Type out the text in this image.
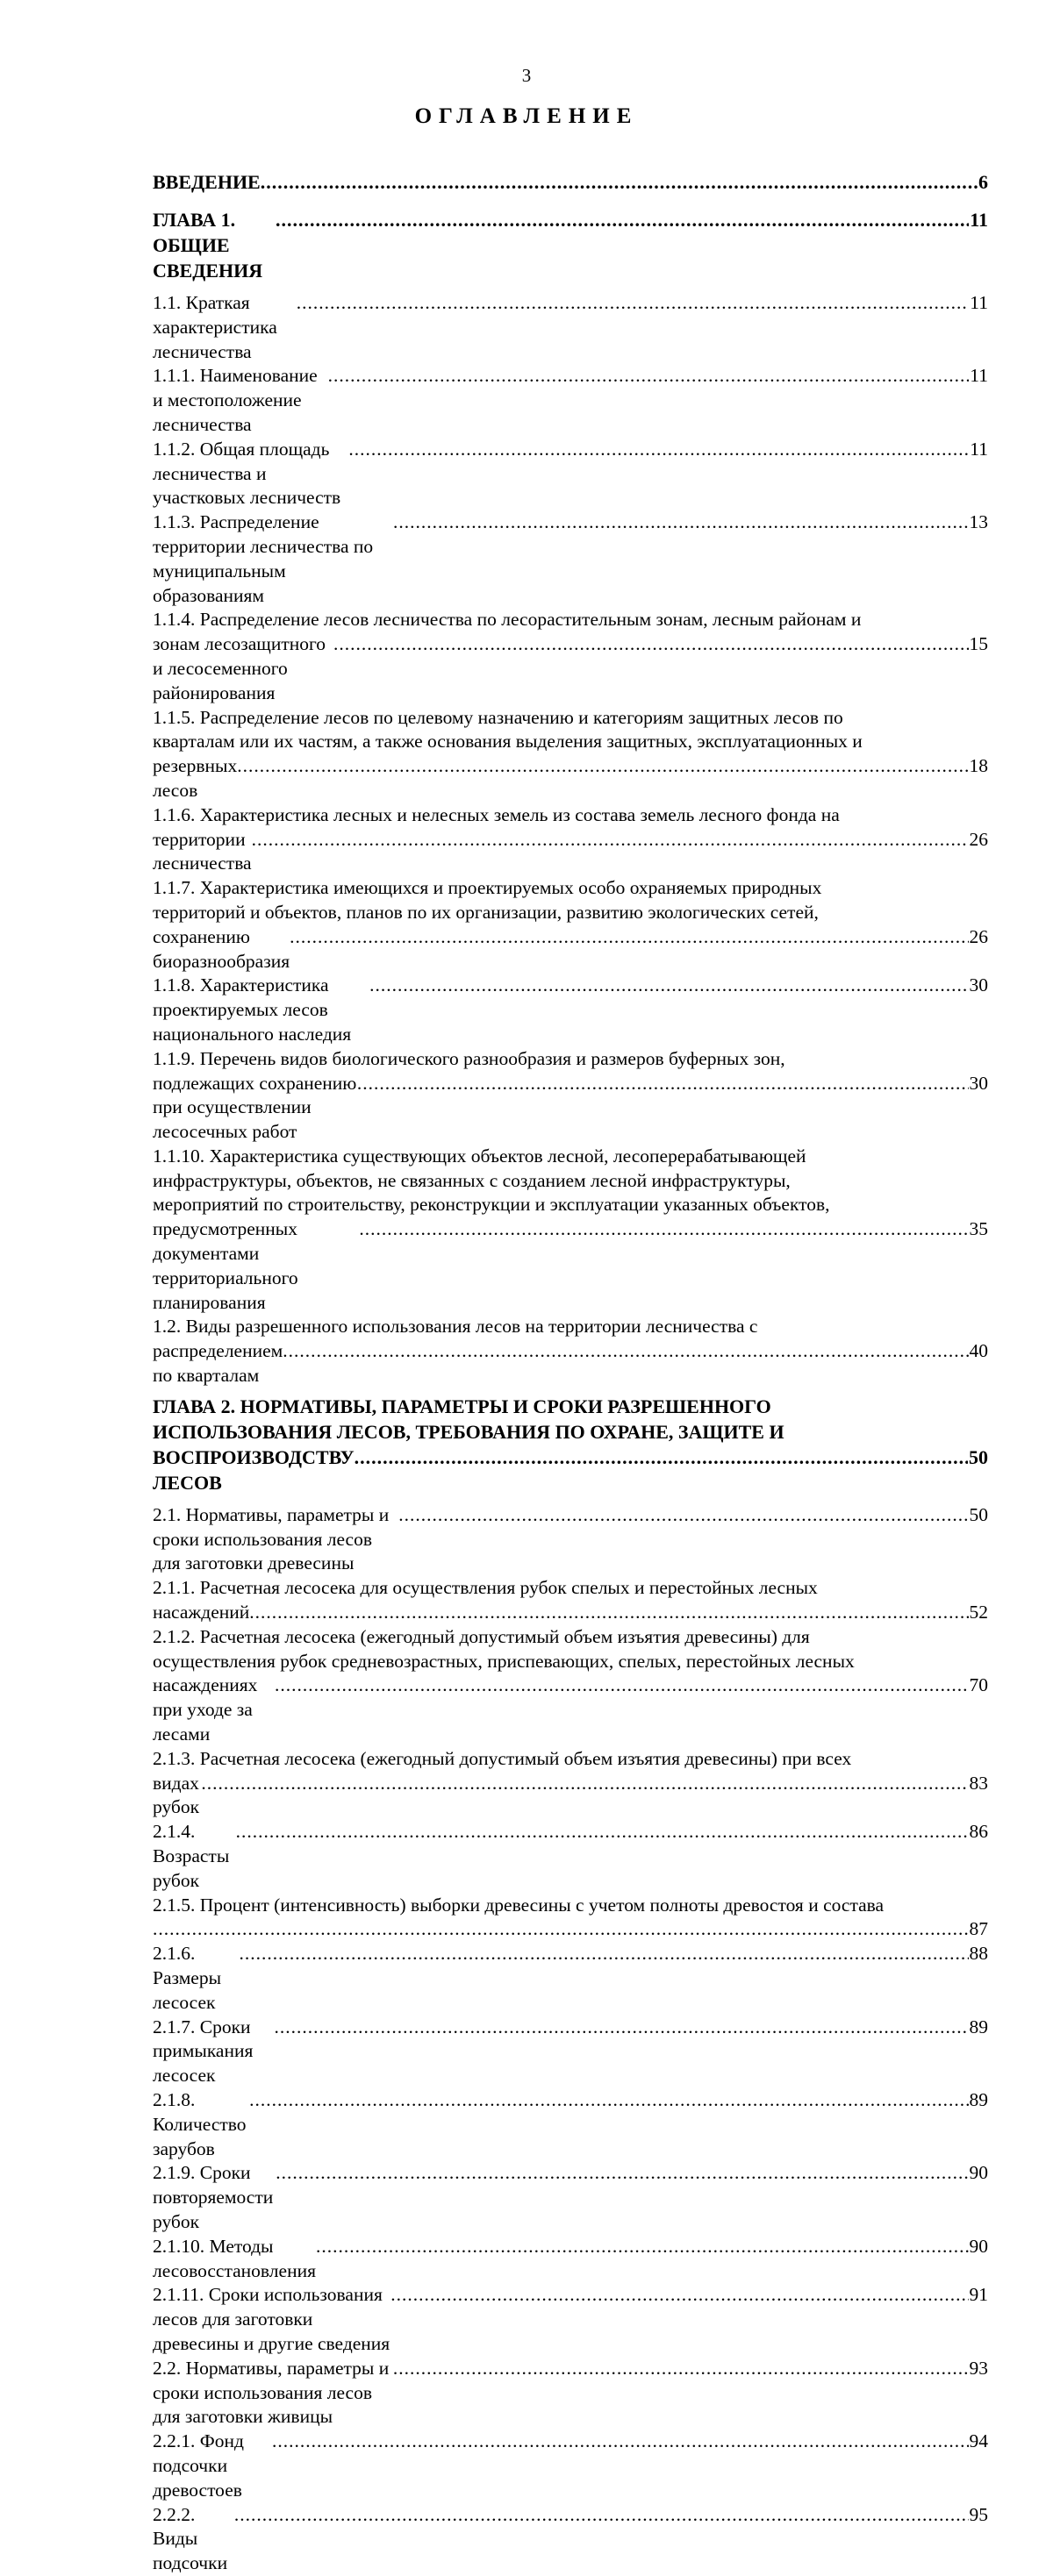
3
ОГЛАВЛЕНИЕ
ВВЕДЕНИЕ .....	6
ГЛАВА 1. ОБЩИЕ СВЕДЕНИЯ
.....
11
1.1. Краткая характеристика лесничества
.....
11
1.1.1. Наименование и местоположение лесничества
.....
11
1.1.2. Общая площадь лесничества и участковых лесничеств
.....
11
1.1.3. Распределение территории лесничества по муниципальным образованиям
.....
13
1.1.4. Распределение лесов лесничества по лесорастительным зонам, лесным районам и
зонам лесозащитного и лесосеменного районирования
.....
15
1.1.5. Распределение лесов по целевому назначению и категориям защитных лесов по
кварталам или их частям, а также основания выделения защитных, эксплуатационных и
резервных лесов
.....
18
1.1.6. Характеристика лесных и нелесных земель из состава земель лесного фонда на
территории лесничества
.....
26
1.1.7. Характеристика имеющихся и проектируемых особо охраняемых природных
территорий и объектов, планов по их организации, развитию экологических сетей,
сохранению биоразнообразия
.....
26
1.1.8. Характеристика проектируемых лесов национального наследия
.....
30
1.1.9. Перечень видов биологического разнообразия и размеров буферных зон,
подлежащих сохранению при осуществлении лесосечных работ
.....
30
1.1.10. Характеристика существующих объектов лесной, лесоперерабатывающей
инфраструктуры, объектов, не связанных с созданием лесной инфраструктуры,
мероприятий по строительству, реконструкции и эксплуатации указанных объектов,
предусмотренных документами территориального планирования
.....
35
1.2. Виды разрешенного использования лесов на территории лесничества с
распределением по кварталам
.....
40
ГЛАВА 2. НОРМАТИВЫ, ПАРАМЕТРЫ И СРОКИ РАЗРЕШЕННОГО
ИСПОЛЬЗОВАНИЯ ЛЕСОВ, ТРЕБОВАНИЯ ПО ОХРАНЕ, ЗАЩИТЕ И
ВОСПРОИЗВОДСТВУ ЛЕСОВ
.....
50
2.1. Нормативы, параметры и сроки использования лесов для заготовки древесины
.....
50
2.1.1. Расчетная лесосека для осуществления рубок спелых и перестойных лесных
насаждений .....	52
2.1.2. Расчетная лесосека (ежегодный допустимый объем изъятия древесины) для
осуществления рубок средневозрастных, приспевающих, спелых, перестойных лесных
насаждениях при уходе за лесами
.....
70
2.1.3. Расчетная лесосека (ежегодный допустимый объем изъятия древесины) при всех
видах рубок
.....
83
2.1.4. Возрасты рубок
.....
86
2.1.5. Процент (интенсивность) выборки древесины с учетом полноты древостоя и состава
.....
87
2.1.6. Размеры лесосек
.....
88
2.1.7. Сроки примыкания лесосек
.....
89
2.1.8. Количество зарубов
.....
89
2.1.9. Сроки повторяемости рубок
.....
90
2.1.10. Методы лесовосстановления
.....
90
2.1.11. Сроки использования лесов для заготовки древесины и другие сведения
.....
91
2.2. Нормативы, параметры и сроки использования лесов для заготовки живицы
.....
93
2.2.1. Фонд подсочки древостоев
.....
94
2.2.2. Виды подсочки
.....
95
